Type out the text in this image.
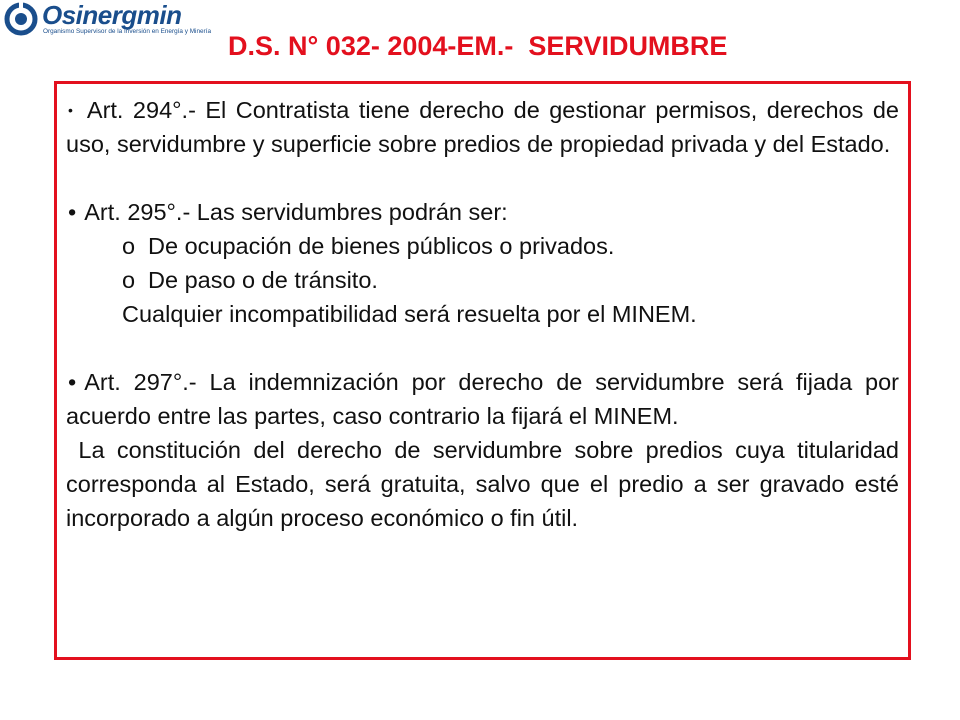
Osinergmin
Organismo Supervisor de la Inversión en Energía y Minería D.S. N° 032- 2004-EM.-  SERVIDUMBRE

• Art. 294°.- El Contratista tiene derecho de gestionar permisos, derechos de uso, servidumbre y superficie sobre predios de propiedad privada y del Estado.

• Art. 295°.- Las servidumbres podrán ser:

o De ocupación de bienes públicos o privados.

o De paso o de tránsito.

Cualquier incompatibilidad será resuelta por el MINEM.

• Art. 297°.- La indemnización por derecho de servidumbre será fijada por acuerdo entre las partes, caso contrario la fijará el MINEM.

La constitución del derecho de servidumbre sobre predios cuya titularidad corresponda al Estado, será gratuita, salvo que el predio a ser gravado esté incorporado a algún proceso económico o fin útil.
